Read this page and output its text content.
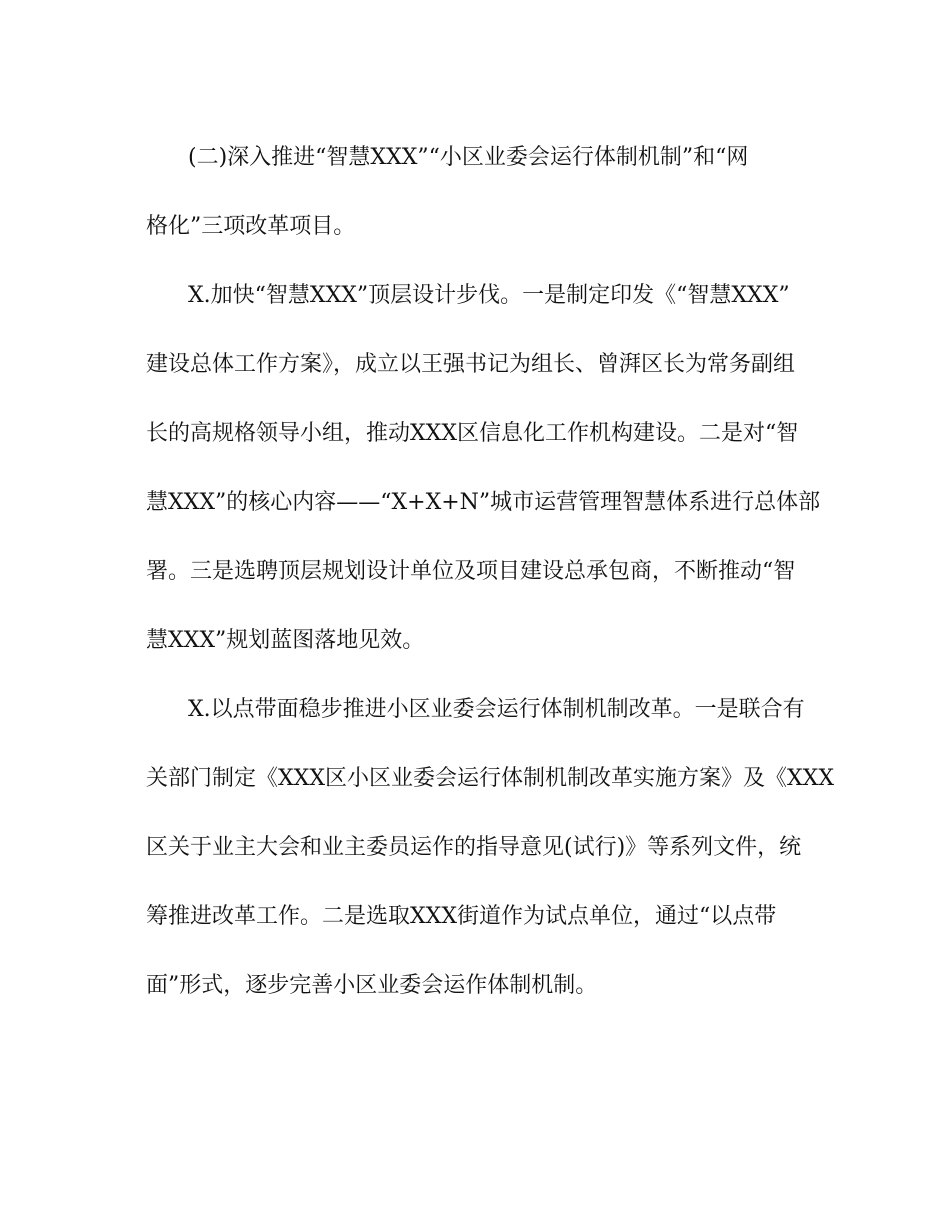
(二)深入推进“智慧XXX”“小区业委会运行体制机制”和“网

格化”三项改革项目。

X.加快“智慧XXX”顶层设计步伐。一是制定印发《“智慧XXX”

建设总体工作方案》，成立以王强书记为组长、曾湃区长为常务副组

长的高规格领导小组，推动XXX区信息化工作机构建设。二是对“智

慧XXX”的核心内容——“X+X+N”城市运营管理智慧体系进行总体部

署。三是选聘顶层规划设计单位及项目建设总承包商，不断推动“智

慧XXX”规划蓝图落地见效。

X.以点带面稳步推进小区业委会运行体制机制改革。一是联合有

关部门制定《XXX区小区业委会运行体制机制改革实施方案》及《XXX

区关于业主大会和业主委员运作的指导意见(试行)》等系列文件，统

筹推进改革工作。二是选取XXX街道作为试点单位，通过“以点带

面”形式，逐步完善小区业委会运作体制机制。
